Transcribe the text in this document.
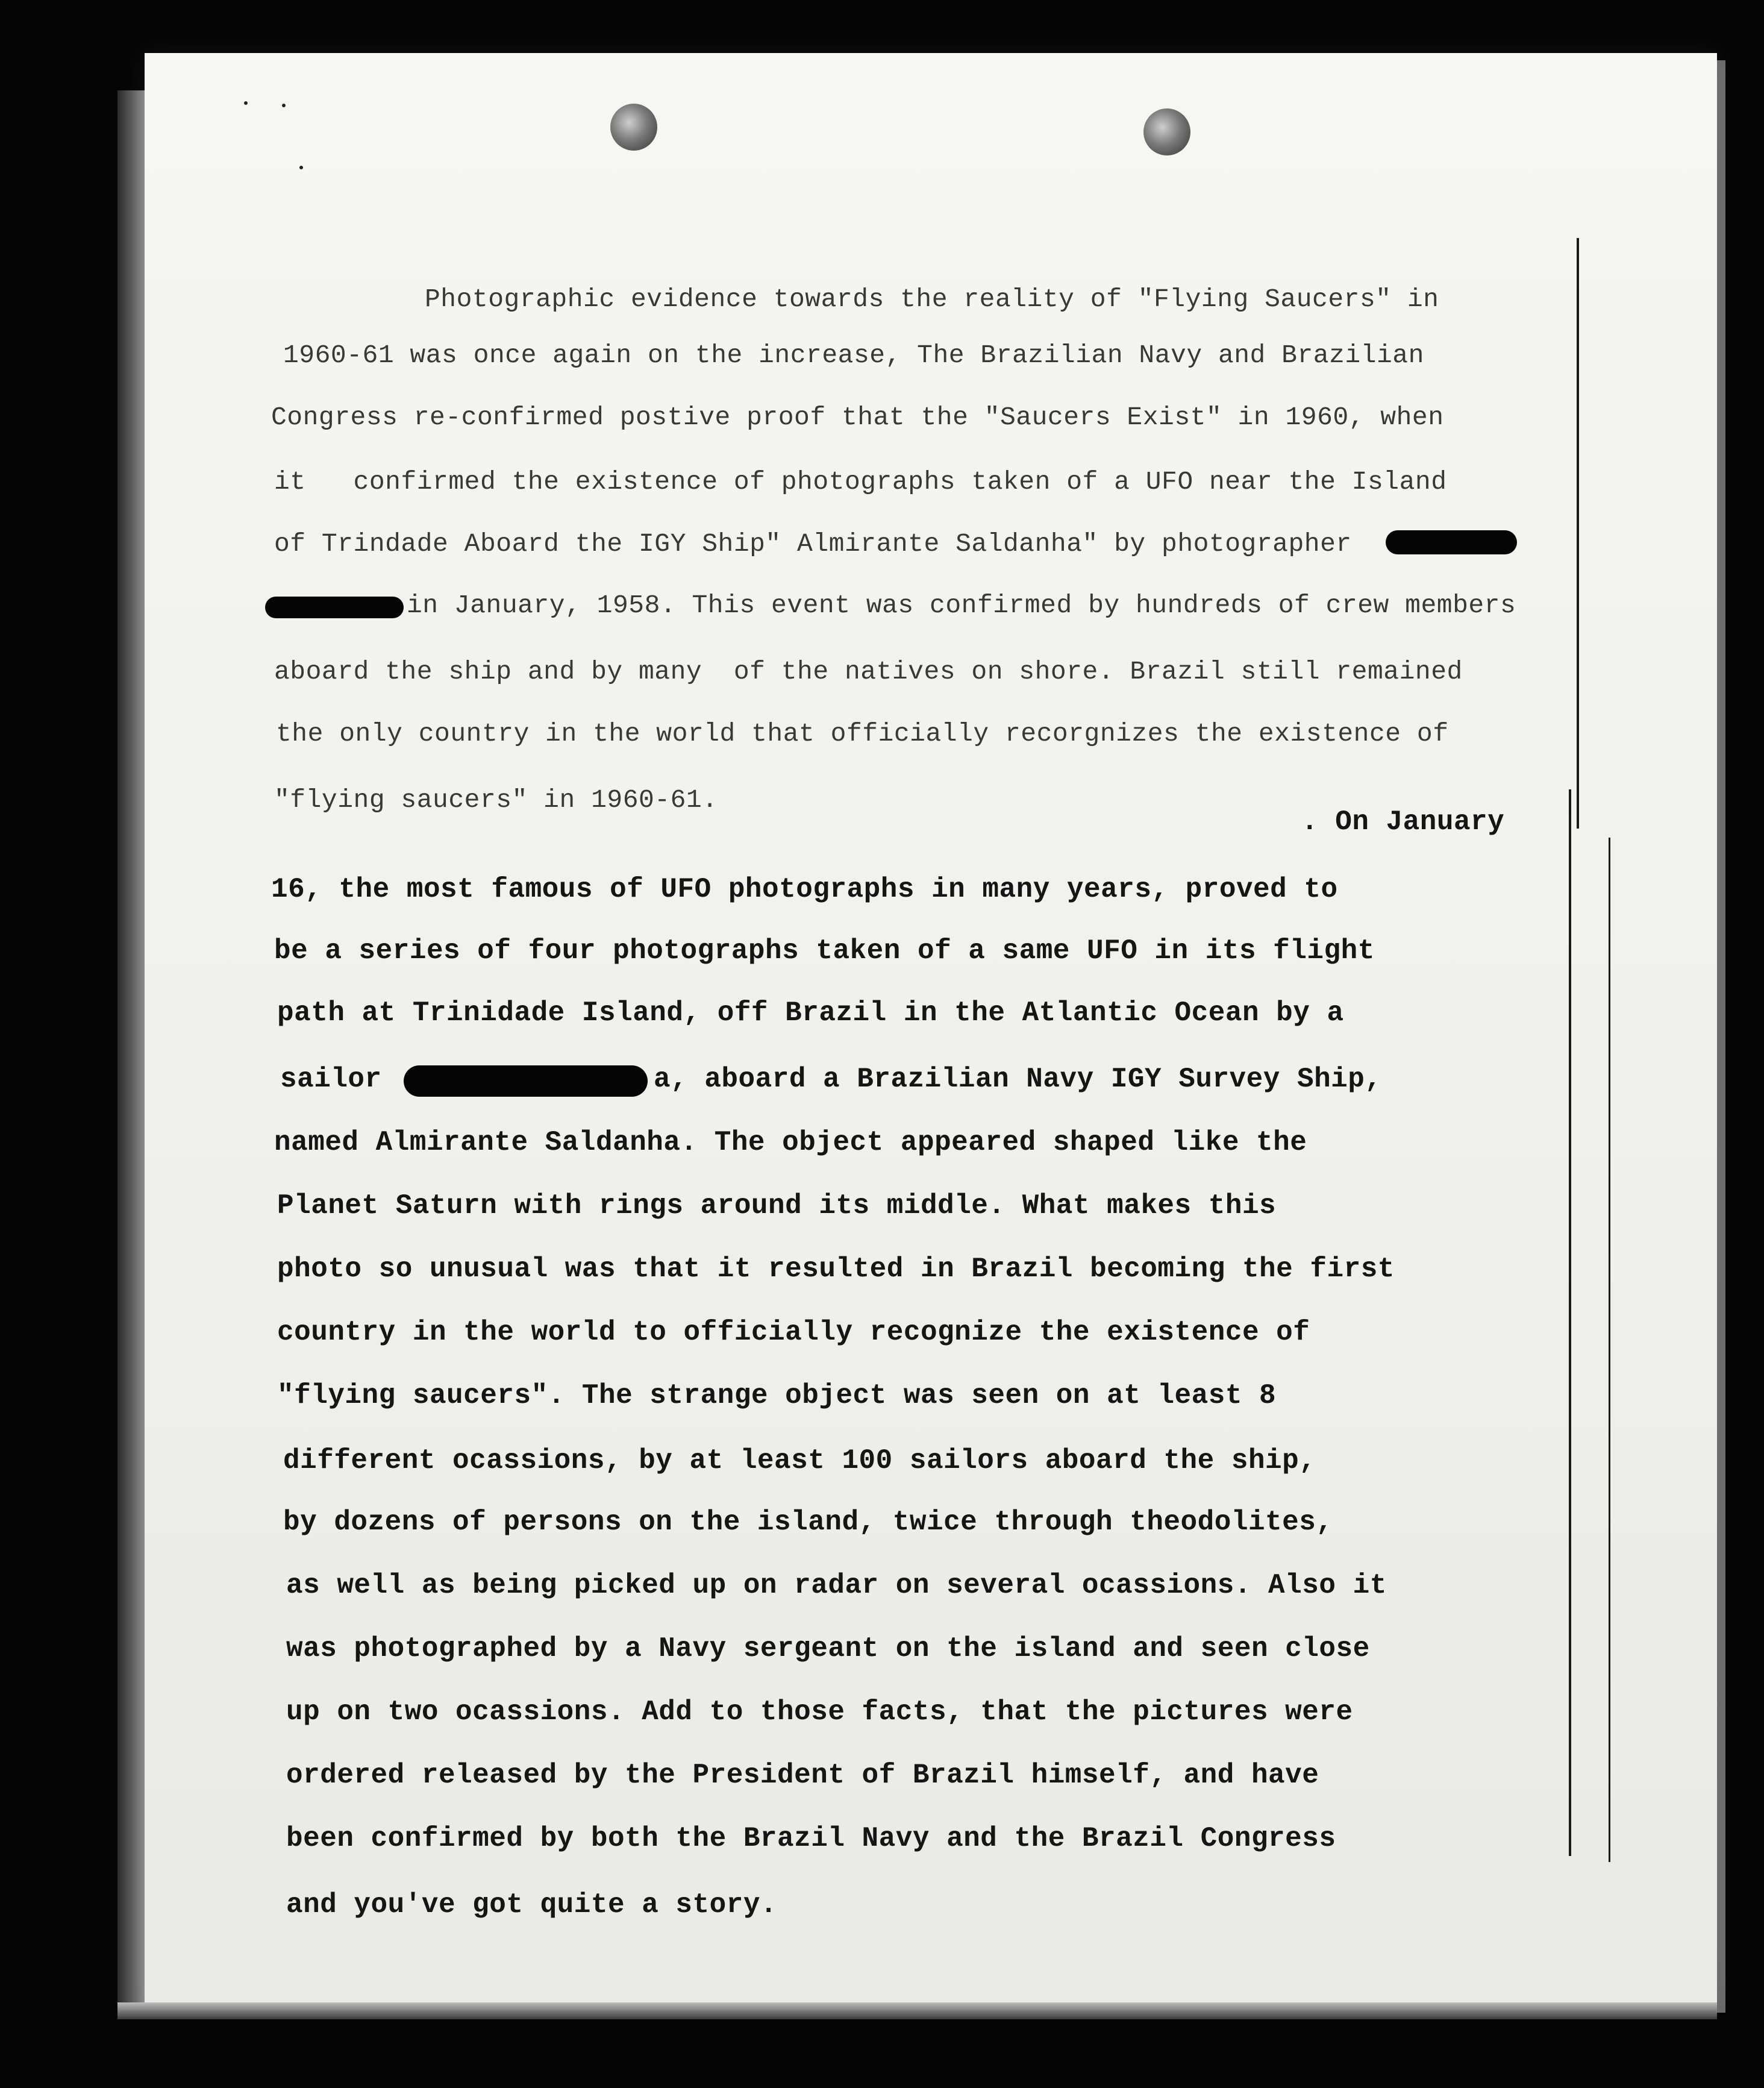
Photographic evidence towards the reality of "Flying Saucers" in

1960-61 was once again on the increase, The Brazilian Navy and Brazilian

Congress re-confirmed postive proof that the "Saucers Exist" in 1960, when

it   confirmed the existence of photographs taken of a UFO near the Island

of Trindade Aboard the IGY Ship" Almirante Saldanha" by photographer

in January, 1958. This event was confirmed by hundreds of crew members

aboard the ship and by many  of the natives on shore. Brazil still remained

the only country in the world that officially recorgnizes the existence of

"flying saucers" in 1960-61.

. On January

16, the most famous of UFO photographs in many years, proved to

be a series of four photographs taken of a same UFO in its flight

path at Trinidade Island, off Brazil in the Atlantic Ocean by a

sailor

	a, aboard a Brazilian Navy IGY Survey Ship,

named Almirante Saldanha. The object appeared shaped like the

Planet Saturn with rings around its middle. What makes this

photo so unusual was that it resulted in Brazil becoming the first

country in the world to officially recognize the existence of

"flying saucers". The strange object was seen on at least 8

different ocassions, by at least 100 sailors aboard the ship,

by dozens of persons on the island, twice through theodolites,

as well as being picked up on radar on several ocassions. Also it

was photographed by a Navy sergeant on the island and seen close

up on two ocassions. Add to those facts, that the pictures were

ordered released by the President of Brazil himself, and have

been confirmed by both the Brazil Navy and the Brazil Congress

and you've got quite a story.
